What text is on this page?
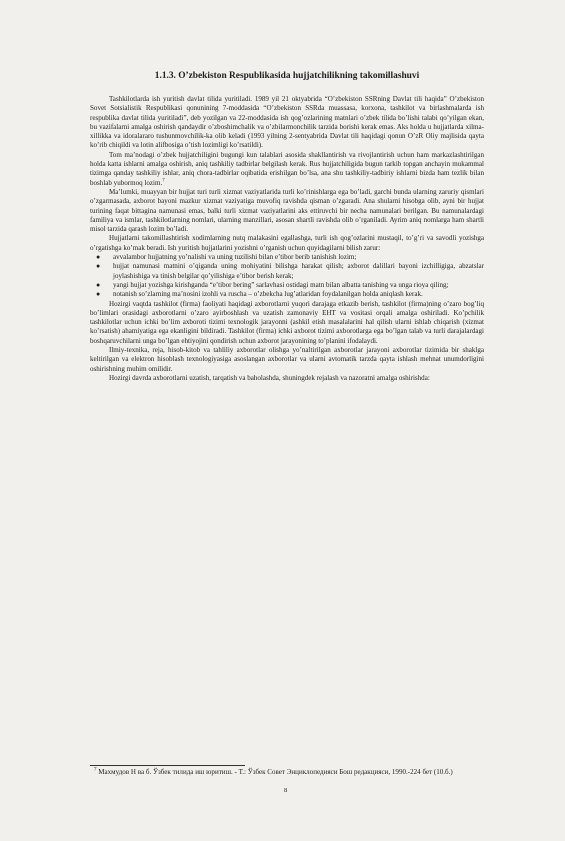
1.1.3. O’zbekiston Respublikasida hujjatchilikning takomillashuvi

Tashkilotlarda ish yuritish davlat tilida yuritiladi. 1989 yil 21 oktyabrida “O’zbekiston SSRning Davlat tili haqida” O’zbekiston Sovet Sotsialistik Respublikasi qonunining 7-moddasida “O’zbekiston SSRda muassasa, korxona, tashkilot va birlashmalarda ish respublika davlat tilida yuritiladi”, deb yozilgan va 22-moddasida ish qog’ozlarining matnlari o’zbek tilida bo’lishi talabi qo’yilgan ekan, bu vazifalarni amalga oshirish qandaydir o’zboshimchalik va o’zbilarmonchilik tarzida borishi kerak emas. Aks holda u hujjatlarda xilma-xillikka va idoralararo tushunmovchilik-ka olib keladi (1993 yilning 2-sentyabrida Davlat tili haqidagi qonun O’zR Oliy majlisida qayta ko’rib chiqildi va lotin alifbosiga o’tish lozimligi ko’rsatildi).

Tom ma’nodagi o’zbek hujjatchiligini bugungi kun talablari asosida shakllantirish va rivojlantirish uchun ham markazlashtirilgan holda katta ishlarni amalga oshirish, aniq tashkiliy tadbirlar belgilash kerak. Rus hujjatchiligida bugun tarkib topgan anchayin mukammal tizimga qanday tashkiliy ishlar, aniq chora-tadbirlar oqibatida erishilgan bo’lsa, ana shu tashkiliy-tadbiriy ishlarni bizda ham tezlik bilan boshlab yubormoq lozim.$^7$

Ma’lumki, muayyan bir hujjat turi turli xizmat vaziyatlarida turli ko’rinishlarga ega bo’ladi, garchi bunda ularning zaruriy qismlari o’zgarmasada, axborot bayoni mazkur xizmat vaziyatiga muvofiq ravishda qisman o’zgaradi. Ana shularni hisobga olib, ayni bir hujjat turining faqat bittagina namunasi emas, balki turli xizmat vaziyatlarini aks ettiruvchi bir necha namunalari berilgan. Bu namunalardagi familiya va ismlar, tashkilotlarning nomlari, ularning manzillari, asosan shartli ravishda olib o’rganiladi. Ayrim aniq nomlarga ham shartli misol tarzida qarash lozim bo’ladi.

Hujjatlarni takomillashtirish xodimlarning nutq malakasini egallashga, turli ish qog’ozlarini mustaqil, to’g’ri va savodli yozishga o’rgatishga ko’mak beradi. Ish yuritish hujjatlarini yozishni o’rganish uchun quyidagilarni bilish zarur:

● avvalambor hujjatning yo’nalishi va uning tuzilishi bilan e’tibor berib tanishish lozim;
● hujjat namunasi matnini o’qiganda uning mohiyatini bilishga harakat qilish; axborot dalillari bayoni izchilligiga, abzatslar joylashishiga va tinish belgilar qo’yilishiga e’tibor berish kerak;
● yangi hujjat yozishga kirishganda “e’tibor bering” sarlavhasi ostidagi matn bilan albatta tanishing va unga rioya qiling;
● notanish so’zlarning ma’nosini izohli va ruscha – o’zbekcha lug’atlaridan foydalanilgan holda aniqlash kerak.

Hozirgi vaqtda tashkilot (firma) faoliyati haqidagi axborotlarni yuqori darajaga etkazib berish, tashkilot (firma)ning o’zaro bog’liq bo’limlari orasidagi axborotlarni o’zaro ayirboshlash va uzatish zamonaviy EHT va vositasi orqali amalga oshiriladi. Ko’pchilik tashkilotlar uchun ichki bo’lim axboroti tizimi texnologik jarayonni (ashkil etish masalalarini hal qilish ularni ishlab chiqarish (xizmat ko’rsatish) ahamiyatiga ega ekanligini bildiradi. Tashkilot (firma) ichki axborot tizimi axborotlarga ega bo’lgan talab va turli darajalardagi boshqaruvchilarni unga bo’lgan ehtiyojini qondirish uchun axborot jarayonining to’planini ifodalaydi.

Ilmiy-texnika, reja, hisob-kitob va tahliliy axborotlar olishga yo’naltirilgan axborotlar jarayoni axborotlar tizimida bir shaklga keltirilgan va elektron hisoblash texnologiyasiga asoslangan axborotlar va ularni avtomatik tarzda qayta ishlash mehnat unumdorligini oshirishning muhim omilidir.

Hozirgi davrda axborotlarni uzatish, tarqatish va baholashda, shuningdek rejalash va nazoratni amalga oshirishda:

$^7$ Махмудов Н ва б. Ўзбек тилида иш юритиш. - Т.: Ўзбек Совет Энциклопедияси Бош редакцияси, 1990.-224 бет (10.б.)
8
